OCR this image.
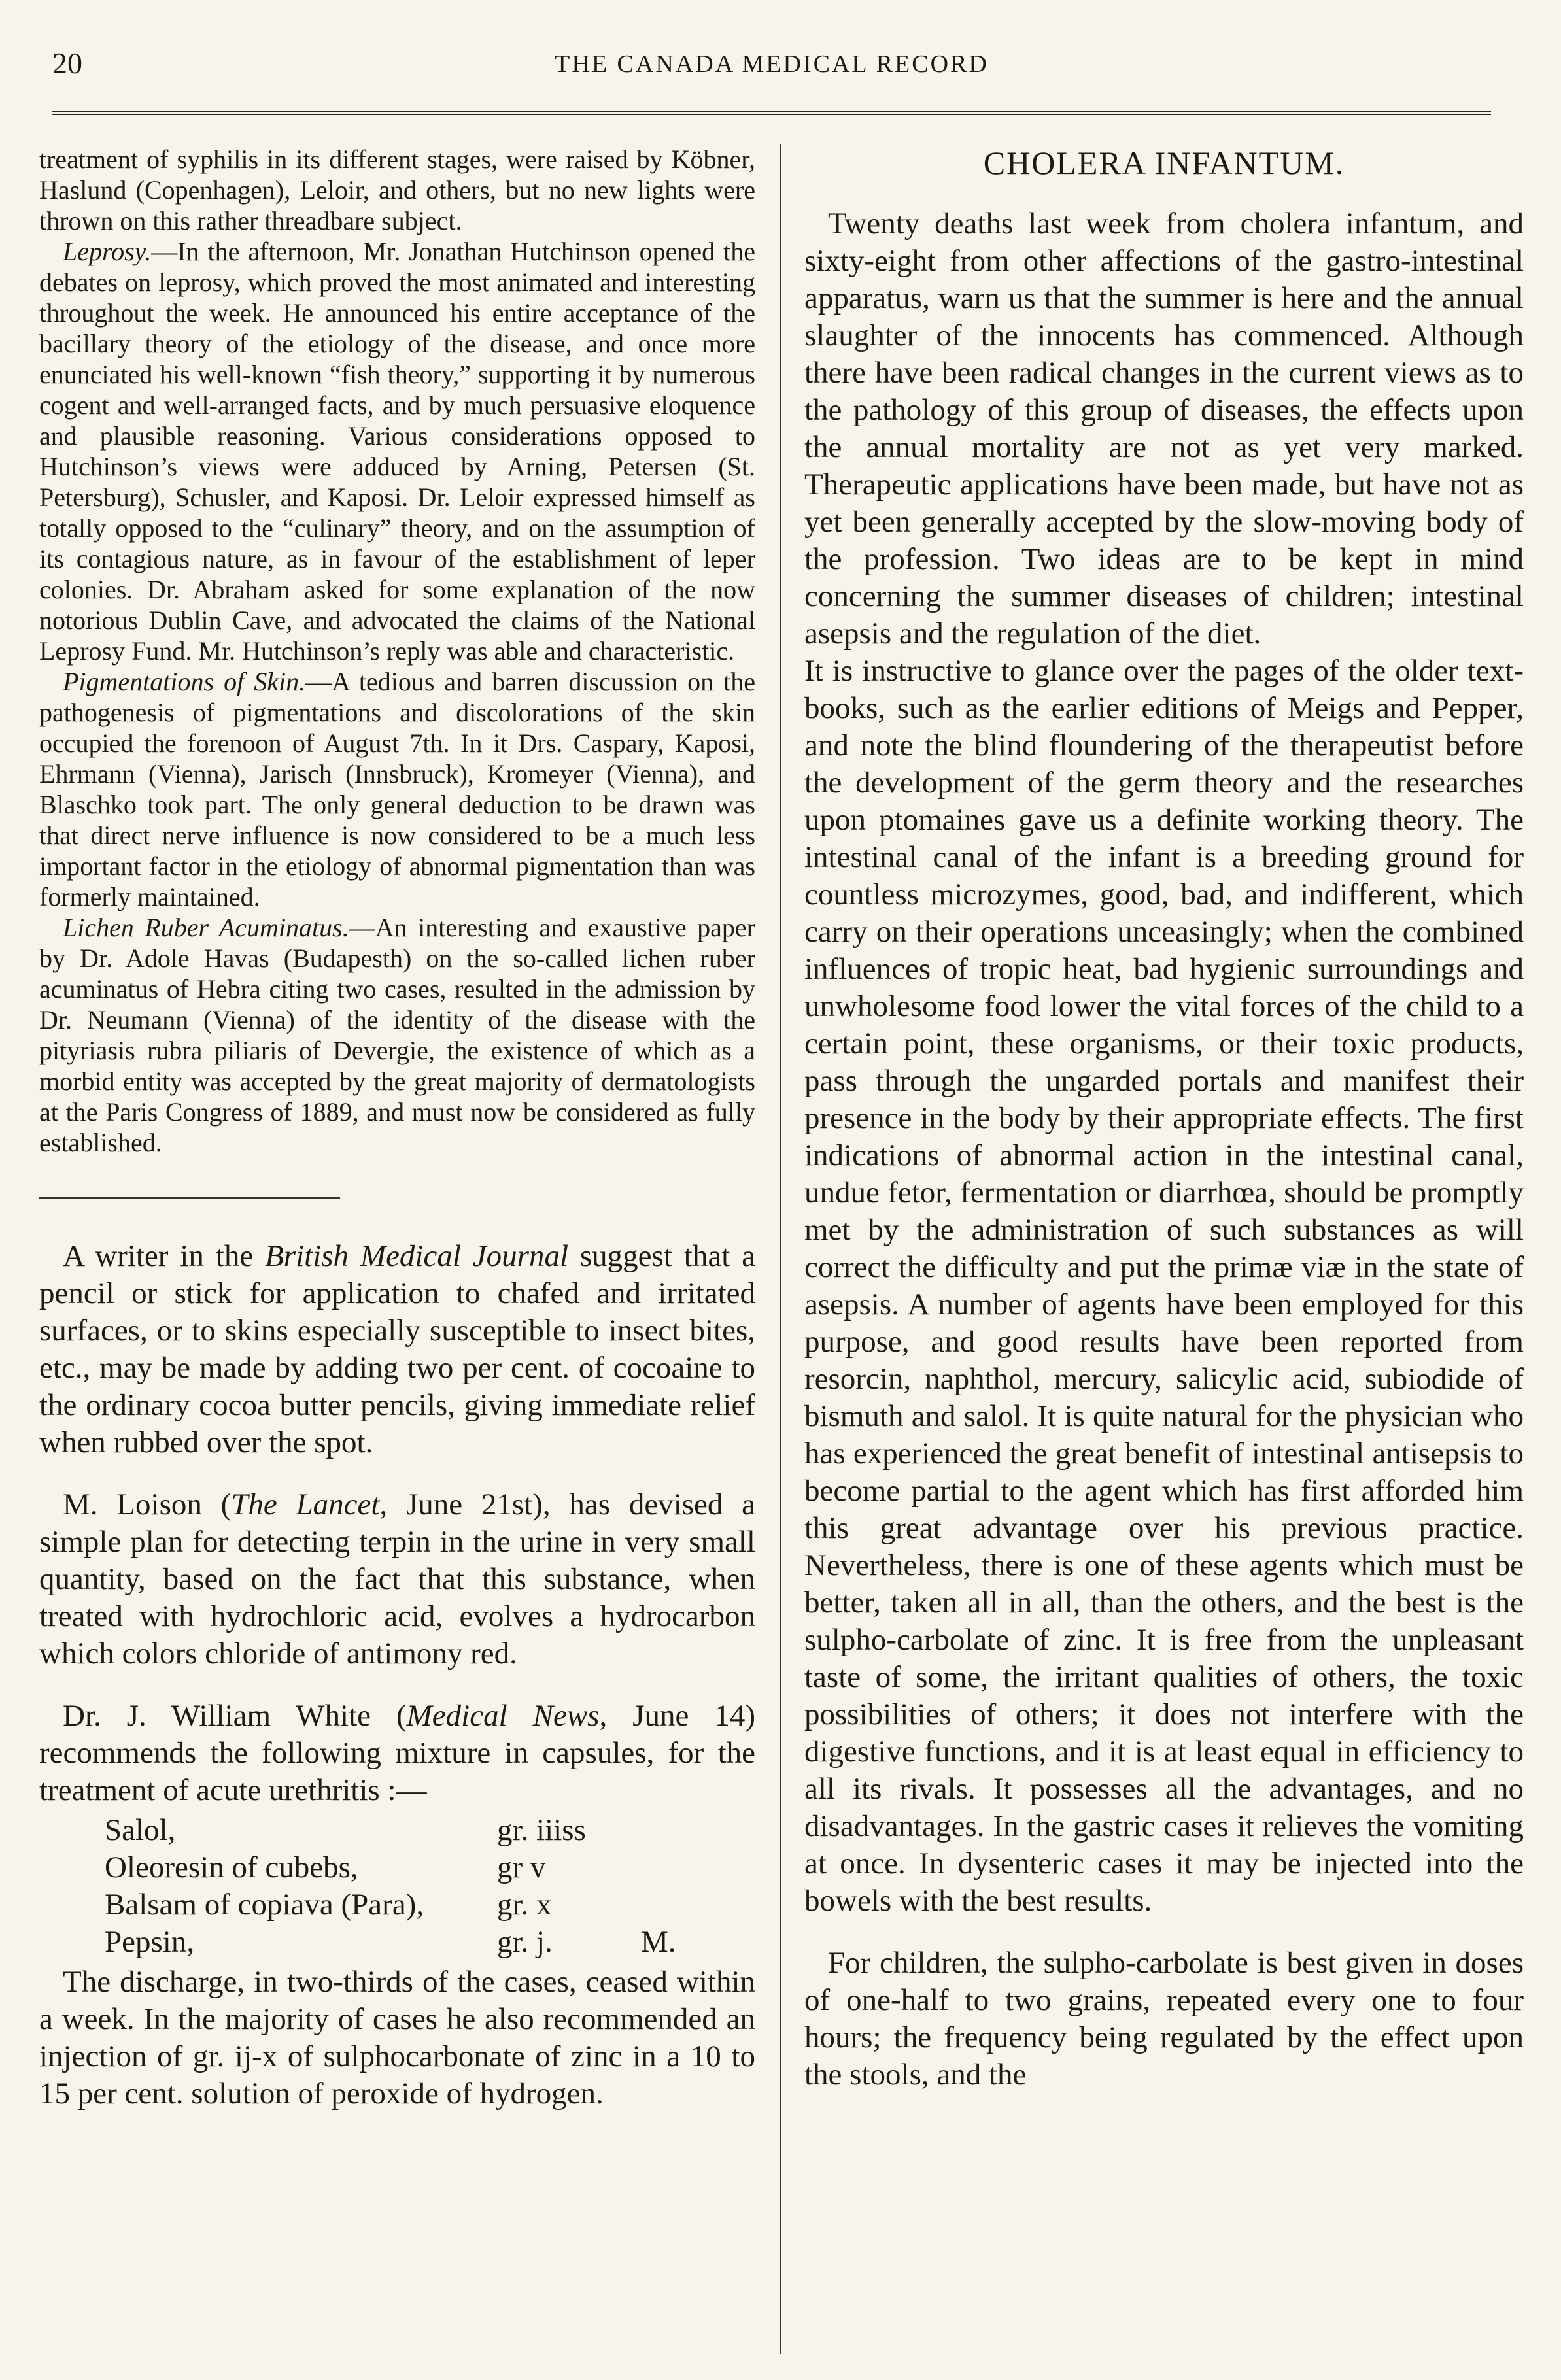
20	THE CANADA MEDICAL RECORD

treatment of syphilis in its different stages, were raised by Köbner, Haslund (Copenhagen), Leloir, and others, but no new lights were thrown on this rather threadbare subject.

Leprosy.—In the afternoon, Mr. Jonathan Hutchinson opened the debates on leprosy, which proved the most animated and interesting throughout the week. He announced his entire acceptance of the bacillary theory of the etiology of the disease, and once more enunciated his well-known “fish theory,” supporting it by numerous cogent and well-arranged facts, and by much persuasive eloquence and plausible reasoning. Various considerations opposed to Hutchinson’s views were adduced by Arning, Petersen (St. Petersburg), Schusler, and Kaposi. Dr. Leloir expressed himself as totally opposed to the “culinary” theory, and on the assumption of its contagious nature, as in favour of the establishment of leper colonies. Dr. Abraham asked for some explanation of the now notorious Dublin Cave, and advocated the claims of the National Leprosy Fund. Mr. Hutchinson’s reply was able and characteristic.

Pigmentations of Skin.—A tedious and barren discussion on the pathogenesis of pigmentations and discolorations of the skin occupied the forenoon of August 7th. In it Drs. Caspary, Kaposi, Ehrmann (Vienna), Jarisch (Innsbruck), Kromeyer (Vienna), and Blaschko took part. The only general deduction to be drawn was that direct nerve influence is now considered to be a much less important factor in the etiology of abnormal pigmentation than was formerly maintained.

Lichen Ruber Acuminatus.—An interesting and exaustive paper by Dr. Adole Havas (Budapesth) on the so-called lichen ruber acuminatus of Hebra citing two cases, resulted in the admission by Dr. Neumann (Vienna) of the identity of the disease with the pityriasis rubra piliaris of Devergie, the existence of which as a morbid entity was accepted by the great majority of dermatologists at the Paris Congress of 1889, and must now be considered as fully established.

A writer in the British Medical Journal suggest that a pencil or stick for application to chafed and irritated surfaces, or to skins especially susceptible to insect bites, etc., may be made by adding two per cent. of cocoaine to the ordinary cocoa butter pencils, giving immediate relief when rubbed over the spot.

M. Loison (The Lancet, June 21st), has devised a simple plan for detecting terpin in the urine in very small quantity, based on the fact that this substance, when treated with hydrochloric acid, evolves a hydrocarbon which colors chloride of antimony red.

Dr. J. William White (Medical News, June 14) recommends the following mixture in capsules, for the treatment of acute urethritis :—

Salol,	gr. iiiss	
Oleoresin of cubebs,	gr v	
Balsam of copiava (Para),	gr. x	
Pepsin,	gr. j.	M.

The discharge, in two-thirds of the cases, ceased within a week. In the majority of cases he also recommended an injection of gr. ij-x of sulphocarbonate of zinc in a 10 to 15 per cent. solution of peroxide of hydrogen.

CHOLERA INFANTUM.

Twenty deaths last week from cholera infantum, and sixty-eight from other affections of the gastro-intestinal apparatus, warn us that the summer is here and the annual slaughter of the innocents has commenced. Although there have been radical changes in the current views as to the pathology of this group of diseases, the effects upon the annual mortality are not as yet very marked. Therapeutic applications have been made, but have not as yet been generally accepted by the slow-moving body of the profession. Two ideas are to be kept in mind concerning the summer diseases of children; intestinal asepsis and the regulation of the diet.

It is instructive to glance over the pages of the older text-books, such as the earlier editions of Meigs and Pepper, and note the blind floundering of the therapeutist before the development of the germ theory and the researches upon ptomaines gave us a definite working theory. The intestinal canal of the infant is a breeding ground for countless microzymes, good, bad, and indifferent, which carry on their operations unceasingly; when the combined influences of tropic heat, bad hygienic surroundings and unwholesome food lower the vital forces of the child to a certain point, these organisms, or their toxic products, pass through the ungarded portals and manifest their presence in the body by their appropriate effects. The first indications of abnormal action in the intestinal canal, undue fetor, fermentation or diarrhœa, should be promptly met by the administration of such substances as will correct the difficulty and put the primæ viæ in the state of asepsis. A number of agents have been employed for this purpose, and good results have been reported from resorcin, naphthol, mercury, salicylic acid, subiodide of bismuth and salol. It is quite natural for the physician who has experienced the great benefit of intestinal antisepsis to become partial to the agent which has first afforded him this great advantage over his previous practice. Nevertheless, there is one of these agents which must be better, taken all in all, than the others, and the best is the sulpho-carbolate of zinc. It is free from the unpleasant taste of some, the irritant qualities of others, the toxic possibilities of others; it does not interfere with the digestive functions, and it is at least equal in efficiency to all its rivals. It possesses all the advantages, and no disadvantages. In the gastric cases it relieves the vomiting at once. In dysenteric cases it may be injected into the bowels with the best results.

For children, the sulpho-carbolate is best given in doses of one-half to two grains, repeated every one to four hours; the frequency being regulated by the effect upon the stools, and the
